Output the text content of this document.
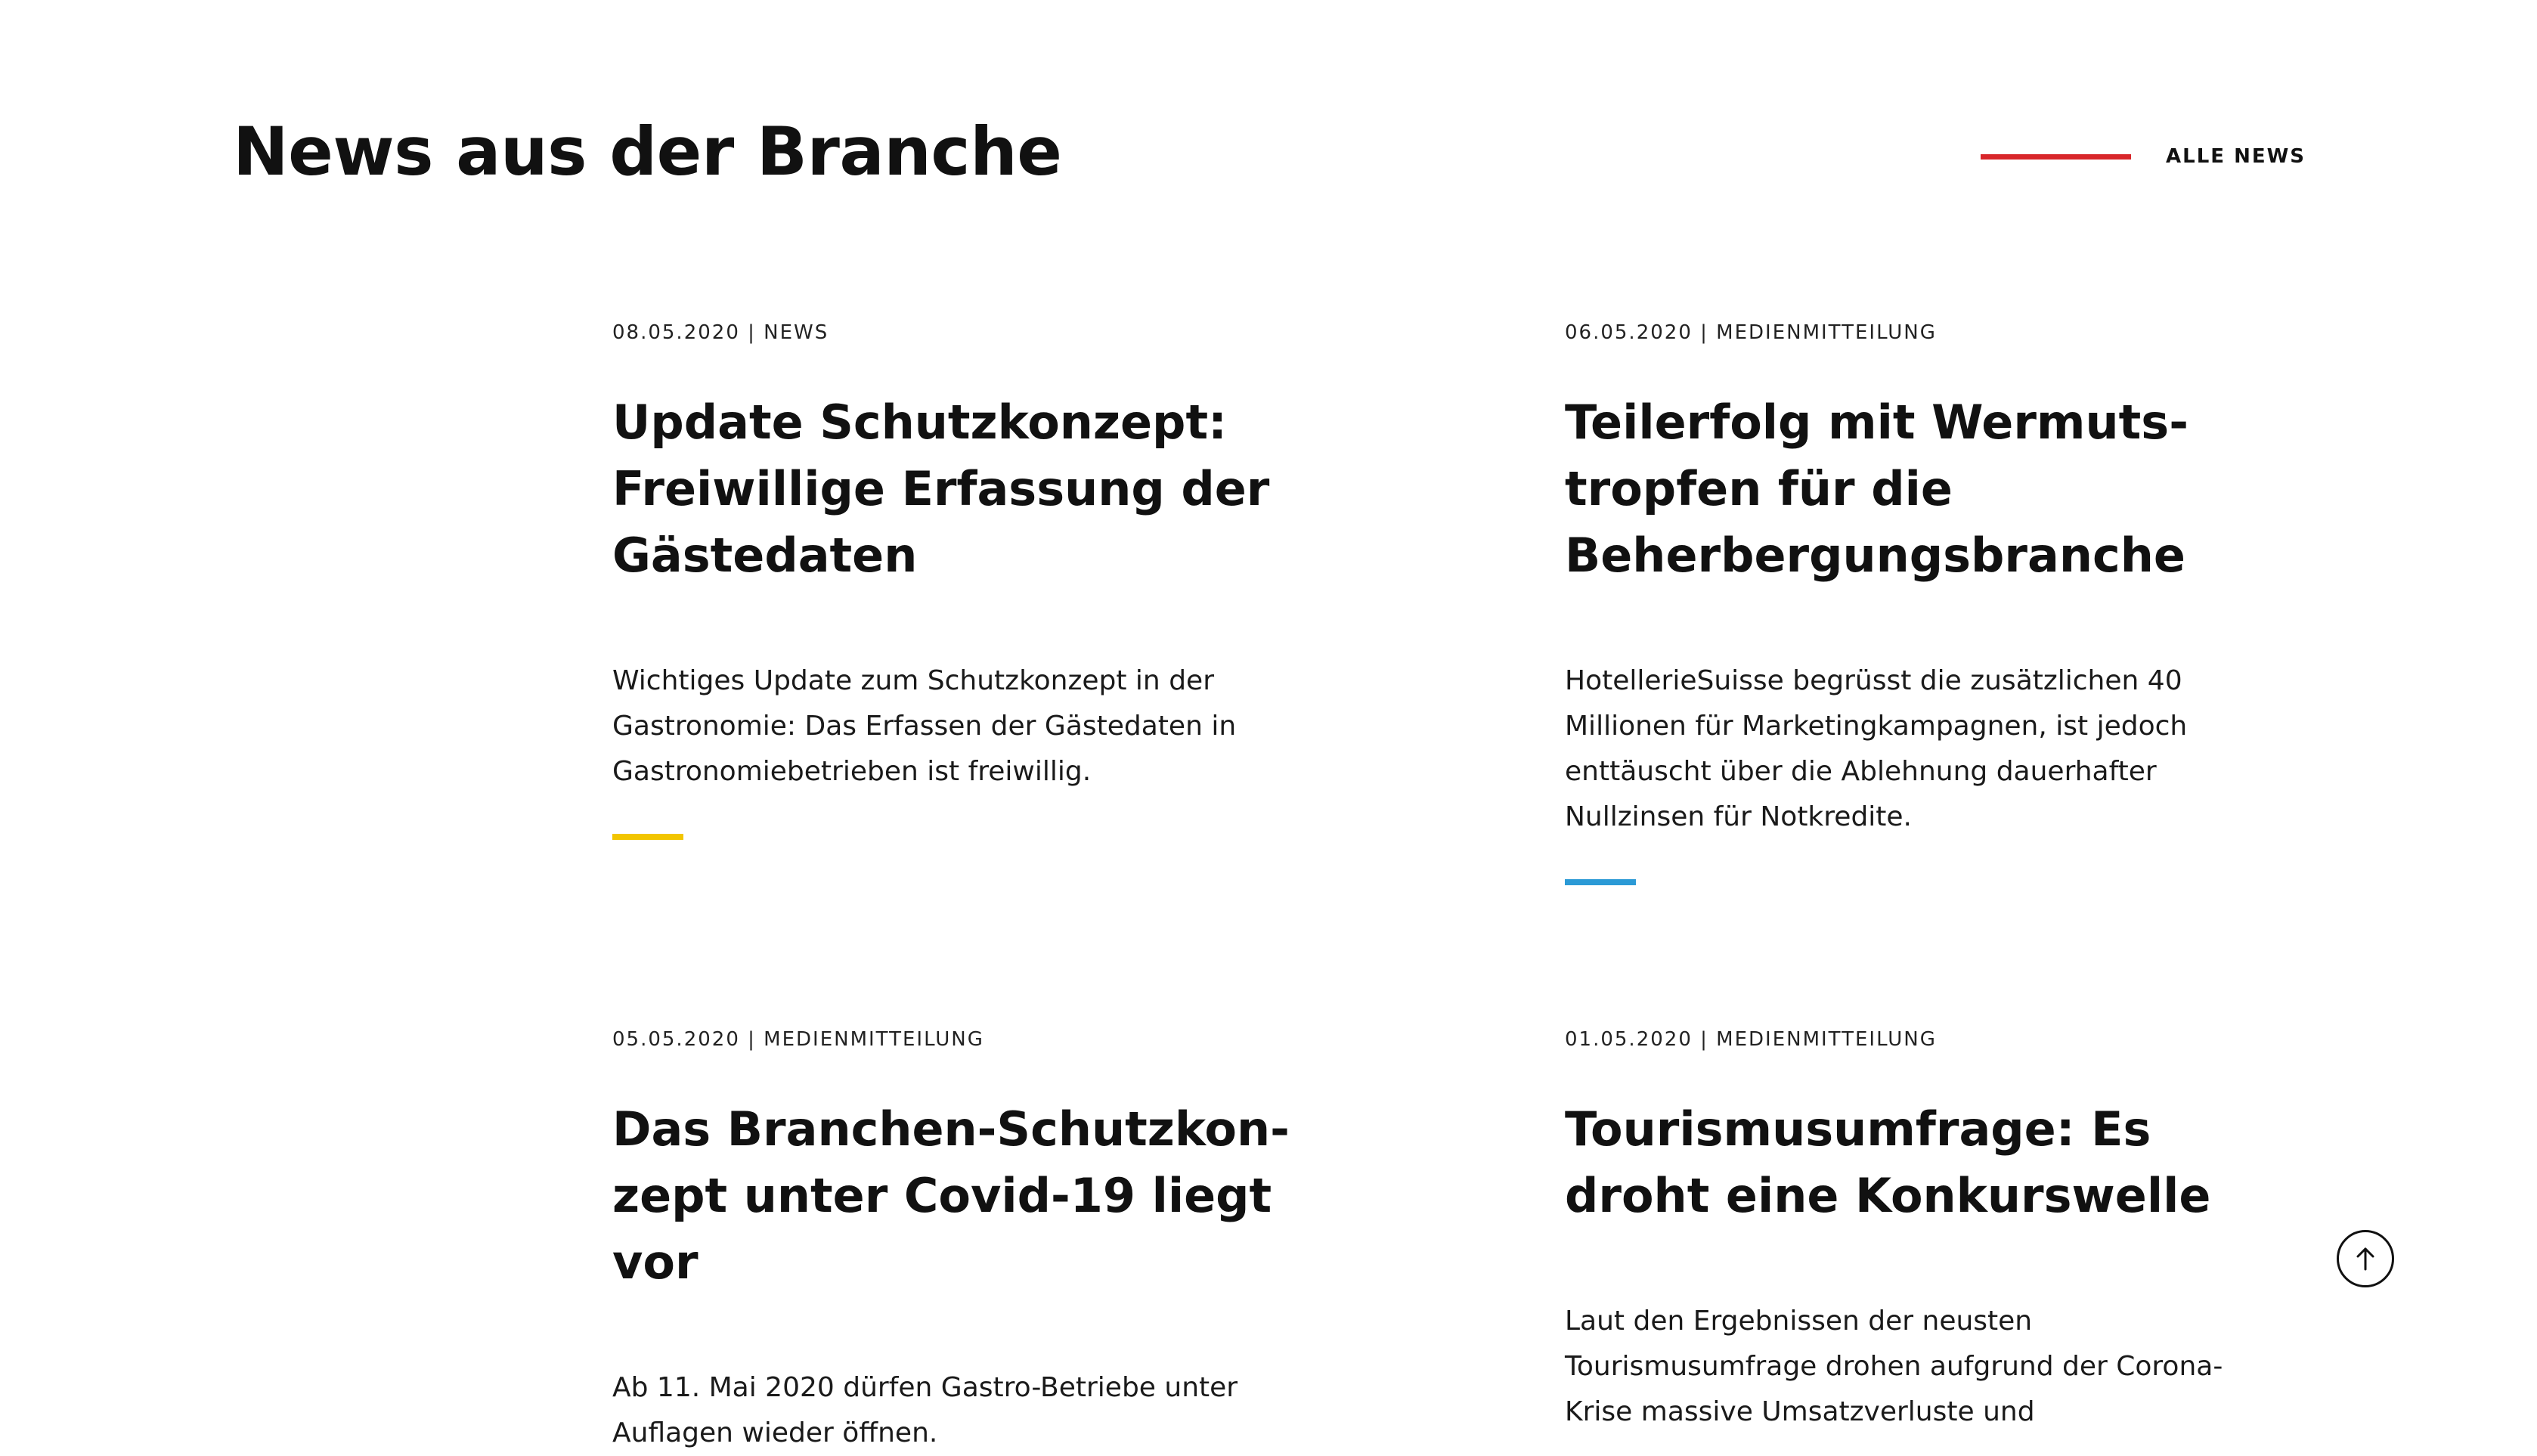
News aus der Branche	ALLE NEWS

08.05.2020 | NEWS

Update Schutzkonzept: Freiwillige Erfassung der Gästedaten

Wichtiges Update zum Schutzkonzept in der Gastronomie: Das Erfassen der Gästedaten in Gastronomiebetrieben ist freiwillig.

06.05.2020 | MEDIENMITTEILUNG

Teilerfolg mit Wermutstropfen für die Beherbergungsbranche

HotellerieSuisse begrüsst die zusätzlichen 40 Millionen für Marketingkampagnen, ist jedoch enttäuscht über die Ablehnung dauerhafter Nullzinsen für Notkredite.

05.05.2020 | MEDIENMITTEILUNG

Das Branchen-Schutzkonzept unter Covid-19 liegt vor

Ab 11. Mai 2020 dürfen Gastro-Betriebe unter Auflagen wieder öffnen.

01.05.2020 | MEDIENMITTEILUNG

Tourismusumfrage: Es droht eine Konkurswelle

Laut den Ergebnissen der neusten Tourismusumfrage drohen aufgrund der Corona-Krise massive Umsatzverluste und
